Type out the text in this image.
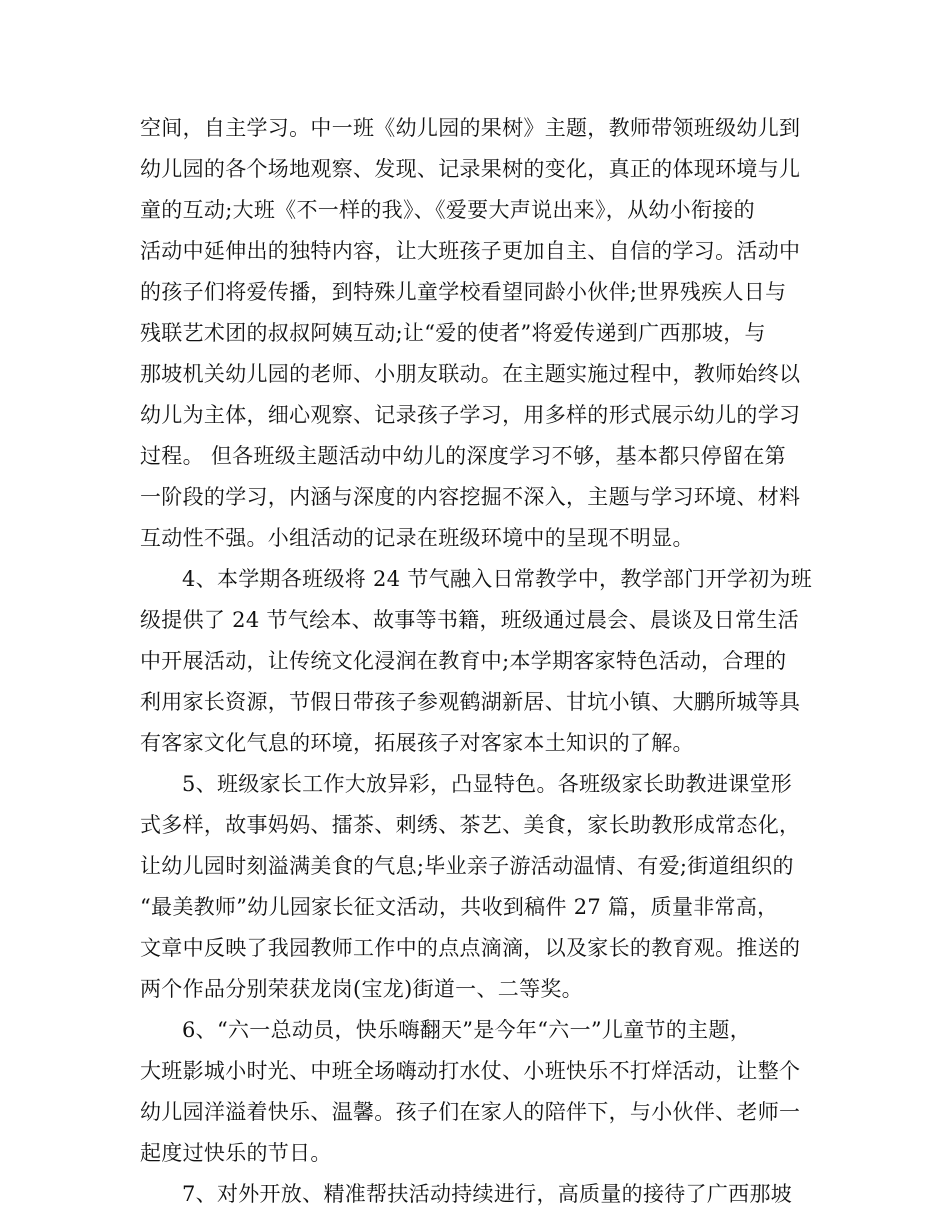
空间，自主学习。中一班《幼儿园的果树》主题，教师带领班级幼儿到
幼儿园的各个场地观察、发现、记录果树的变化，真正的体现环境与儿
童的互动;大班《不一样的我》、《爱要大声说出来》，从幼小衔接的
活动中延伸出的独特内容，让大班孩子更加自主、自信的学习。活动中
的孩子们将爱传播，到特殊儿童学校看望同龄小伙伴;世界残疾人日与
残联艺术团的叔叔阿姨互动;让“爱的使者”将爱传递到广西那坡，与
那坡机关幼儿园的老师、小朋友联动。在主题实施过程中，教师始终以
幼儿为主体，细心观察、记录孩子学习，用多样的形式展示幼儿的学习
过程。 但各班级主题活动中幼儿的深度学习不够，基本都只停留在第
一阶段的学习，内涵与深度的内容挖掘不深入，主题与学习环境、材料
互动性不强。小组活动的记录在班级环境中的呈现不明显。
4、本学期各班级将 24 节气融入日常教学中，教学部门开学初为班
级提供了 24 节气绘本、故事等书籍，班级通过晨会、晨谈及日常生活
中开展活动，让传统文化浸润在教育中;本学期客家特色活动，合理的
利用家长资源，节假日带孩子参观鹤湖新居、甘坑小镇、大鹏所城等具
有客家文化气息的环境，拓展孩子对客家本土知识的了解。
5、班级家长工作大放异彩，凸显特色。各班级家长助教进课堂形
式多样，故事妈妈、擂茶、刺绣、茶艺、美食，家长助教形成常态化，
让幼儿园时刻溢满美食的气息;毕业亲子游活动温情、有爱;街道组织的
“最美教师”幼儿园家长征文活动，共收到稿件 27 篇，质量非常高，
文章中反映了我园教师工作中的点点滴滴，以及家长的教育观。推送的
两个作品分别荣获龙岗(宝龙)街道一、二等奖。
6、“六一总动员，快乐嗨翻天”是今年“六一”儿童节的主题，
大班影城小时光、中班全场嗨动打水仗、小班快乐不打烊活动，让整个
幼儿园洋溢着快乐、温馨。孩子们在家人的陪伴下，与小伙伴、老师一
起度过快乐的节日。
7、对外开放、精准帮扶活动持续进行，高质量的接待了广西那坡
